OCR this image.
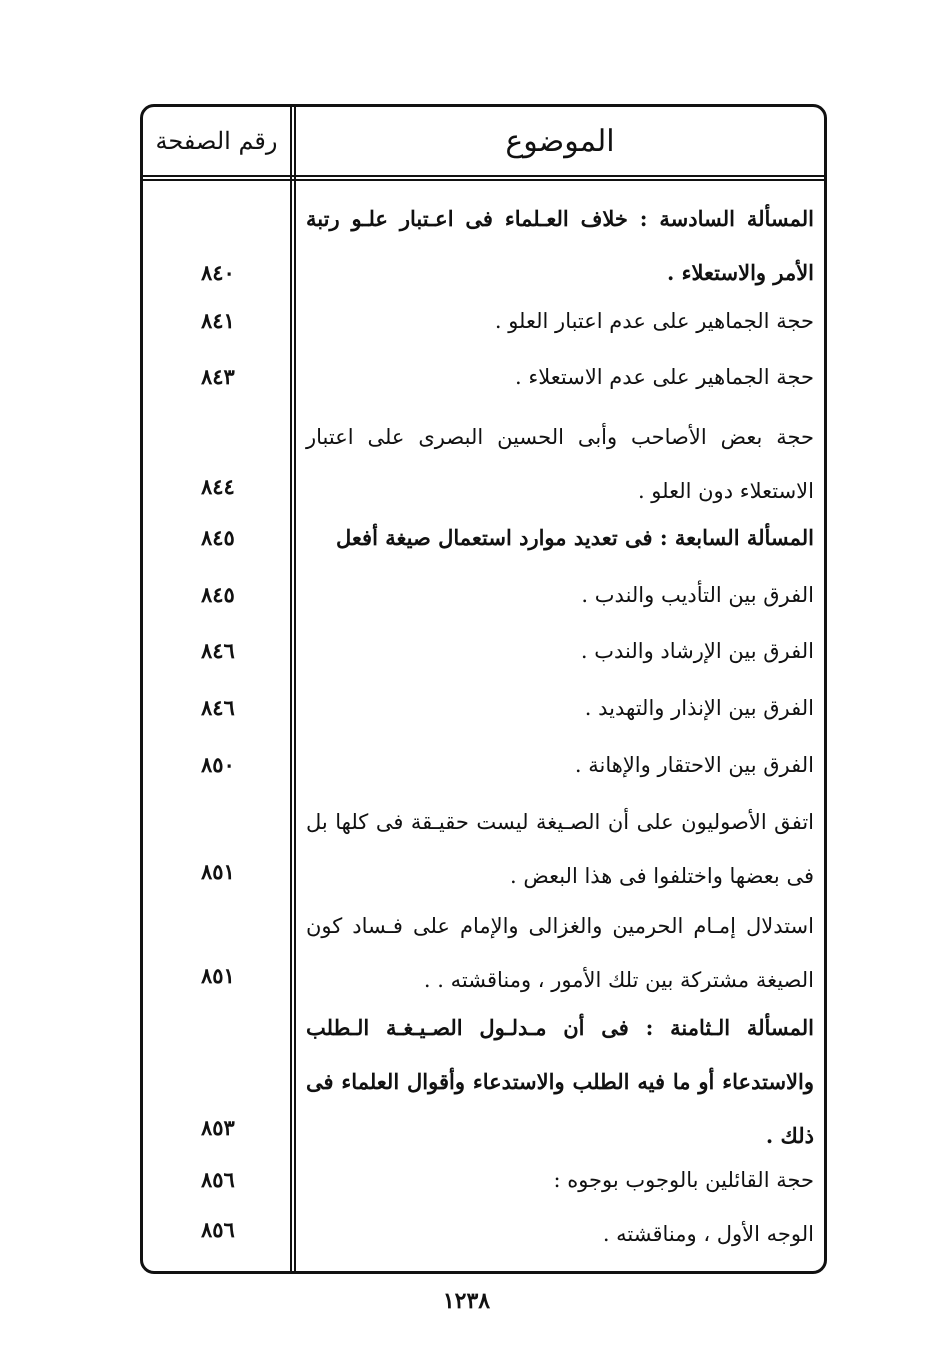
رقم الصفحة	الموضوع
المسألة السادسة : خلاف العـلماء فى اعـتبار علـو رتبة الأمر والاستعلاء .
٨٤٠
حجة الجماهير على عدم اعتبار العلو .
٨٤١
حجة الجماهير على عدم الاستعلاء .
٨٤٣
حجة بعض الأصاحب وأبى الحسين البصرى على اعتبار الاستعلاء دون العلو .
٨٤٤
المسألة السابعة : فى تعديد موارد استعمال صيغة أفعل
٨٤٥
الفرق بين التأديب والندب .
٨٤٥
الفرق بين الإرشاد والندب .
٨٤٦
الفرق بين الإنذار والتهديد .
٨٤٦
الفرق بين الاحتقار والإهانة .
٨٥٠
اتفق الأصوليون على أن الصـيغة ليست حقيـقة فى كلها بل فى بعضها واختلفوا فى هذا البعض .
٨٥١
استدلال إمـام الحرمين والغزالى والإمام على فـساد كون الصيغة مشتركة بين تلك الأمور ، ومناقشته . .
٨٥١
المسألة الـثامنة : فى أن مـدلـول الصـيـغـة الـطلب والاستدعاء أو ما فيه الطلب والاستدعاء وأقوال العلماء فى ذلك .
٨٥٣
حجة القائلين بالوجوب بوجوه :
٨٥٦
الوجه الأول ، ومناقشته .
٨٥٦
١٢٣٨
